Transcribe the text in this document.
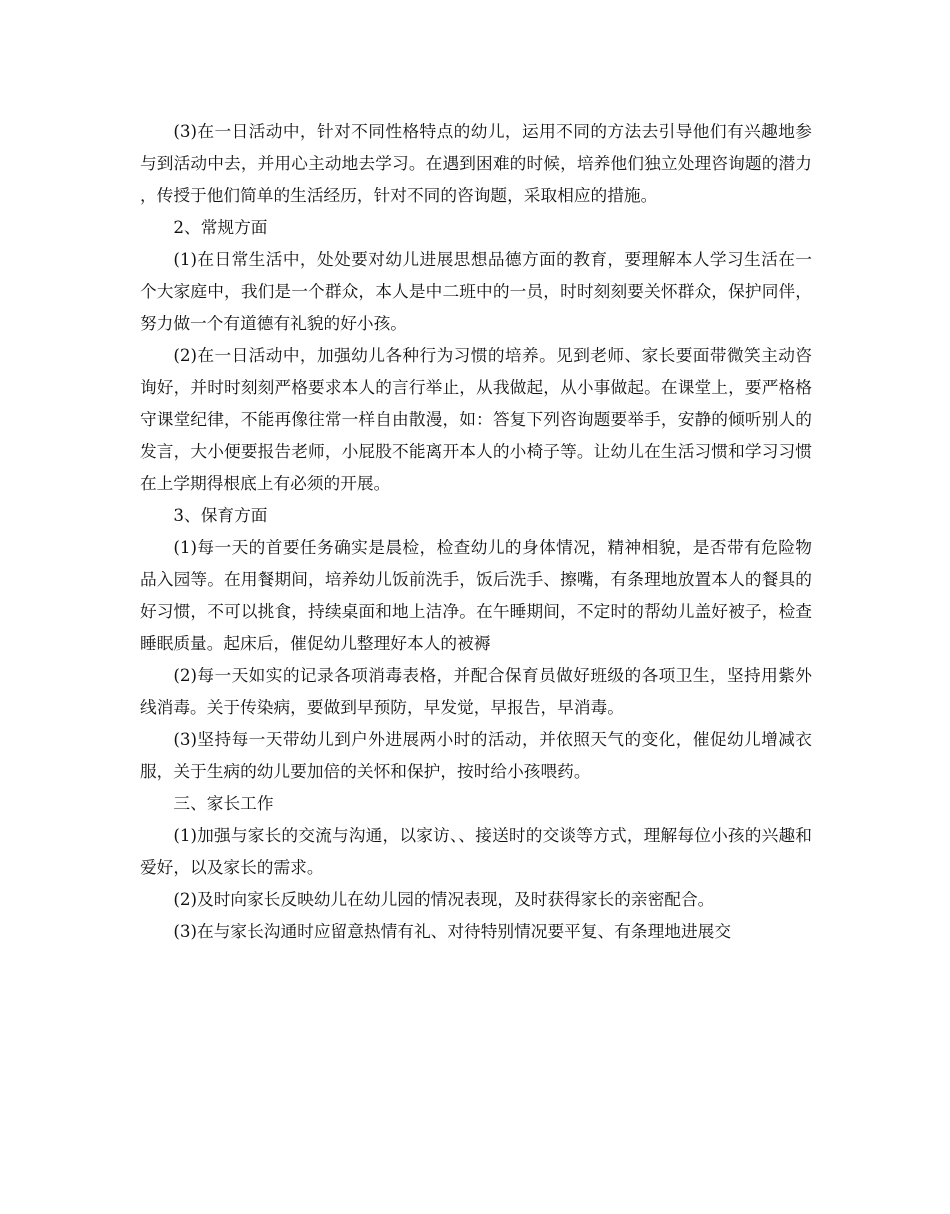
(3)在一日活动中，针对不同性格特点的幼儿，运用不同的方法去引导他们有兴趣地参与到活动中去，并用心主动地去学习。在遇到困难的时候，培养他们独立处理咨询题的潜力，传授于他们简单的生活经历，针对不同的咨询题，采取相应的措施。

2、常规方面

(1)在日常生活中，处处要对幼儿进展思想品德方面的教育，要理解本人学习生活在一个大家庭中，我们是一个群众，本人是中二班中的一员，时时刻刻要关怀群众，保护同伴，努力做一个有道德有礼貌的好小孩。

(2)在一日活动中，加强幼儿各种行为习惯的培养。见到老师、家长要面带微笑主动咨询好，并时时刻刻严格要求本人的言行举止，从我做起，从小事做起。在课堂上，要严格格守课堂纪律，不能再像往常一样自由散漫，如：答复下列咨询题要举手，安静的倾听别人的发言，大小便要报告老师，小屁股不能离开本人的小椅子等。让幼儿在生活习惯和学习习惯在上学期得根底上有必须的开展。

3、保育方面

(1)每一天的首要任务确实是晨检，检查幼儿的身体情况，精神相貌，是否带有危险物品入园等。在用餐期间，培养幼儿饭前洗手，饭后洗手、擦嘴，有条理地放置本人的餐具的好习惯，不可以挑食，持续桌面和地上洁净。在午睡期间，不定时的帮幼儿盖好被子，检查睡眠质量。起床后，催促幼儿整理好本人的被褥

(2)每一天如实的记录各项消毒表格，并配合保育员做好班级的各项卫生，坚持用紫外线消毒。关于传染病，要做到早预防，早发觉，早报告，早消毒。

(3)坚持每一天带幼儿到户外进展两小时的活动，并依照天气的变化，催促幼儿增减衣服，关于生病的幼儿要加倍的关怀和保护，按时给小孩喂药。

三、家长工作

(1)加强与家长的交流与沟通，以家访、、接送时的交谈等方式，理解每位小孩的兴趣和爱好，以及家长的需求。

(2)及时向家长反映幼儿在幼儿园的情况表现，及时获得家长的亲密配合。

(3)在与家长沟通时应留意热情有礼、对待特别情况要平复、有条理地进展交
